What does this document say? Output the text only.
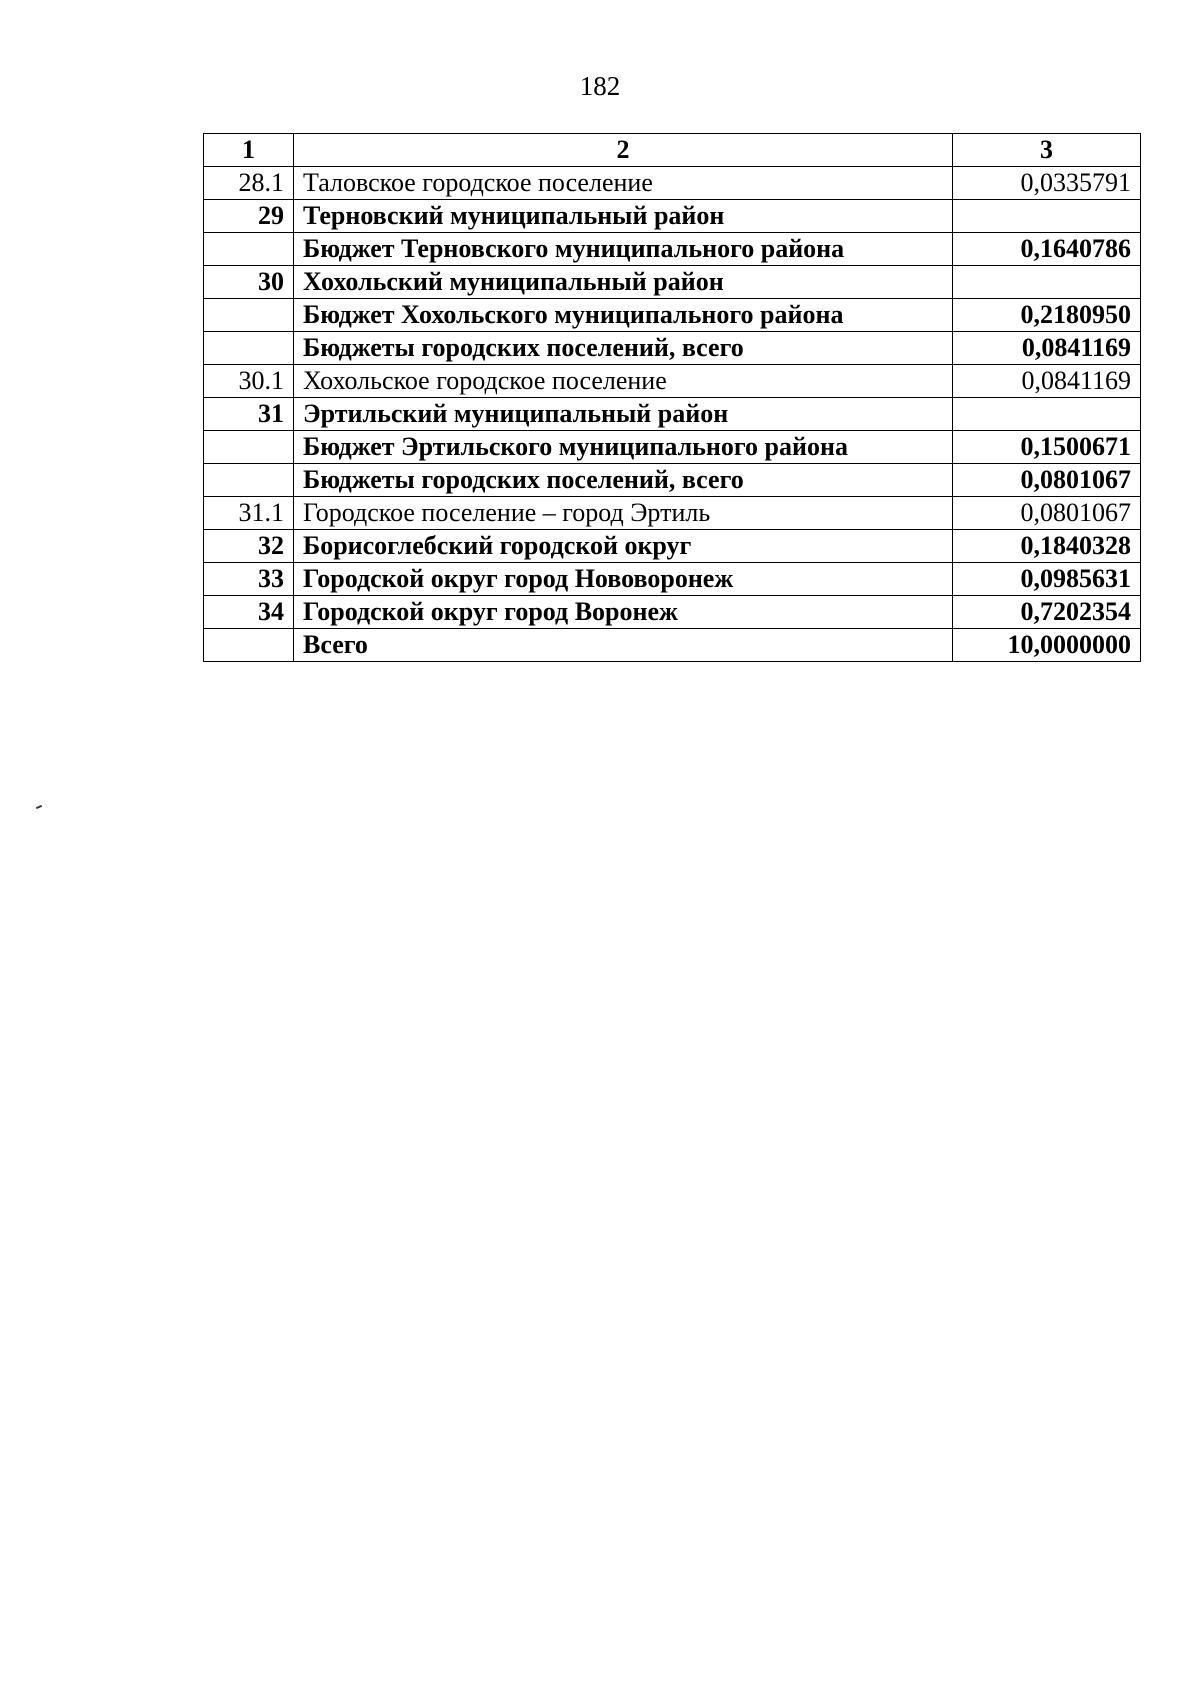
182
1	2	3
28.1	Таловское городское поселение	0,0335791
29	Терновский муниципальный район	
	Бюджет Терновского муниципального района	0,1640786
30	Хохольский муниципальный район	
	Бюджет Хохольского муниципального района	0,2180950
	Бюджеты городских поселений, всего	0,0841169
30.1	Хохольское городское поселение	0,0841169
31	Эртильский муниципальный район	
	Бюджет Эртильского муниципального района	0,1500671
	Бюджеты городских поселений, всего	0,0801067
31.1	Городское поселение – город Эртиль	0,0801067
32	Борисоглебский городской округ	0,1840328
33	Городской округ город Нововоронеж	0,0985631
34	Городской округ город Воронеж	0,7202354
	Всего	10,0000000
